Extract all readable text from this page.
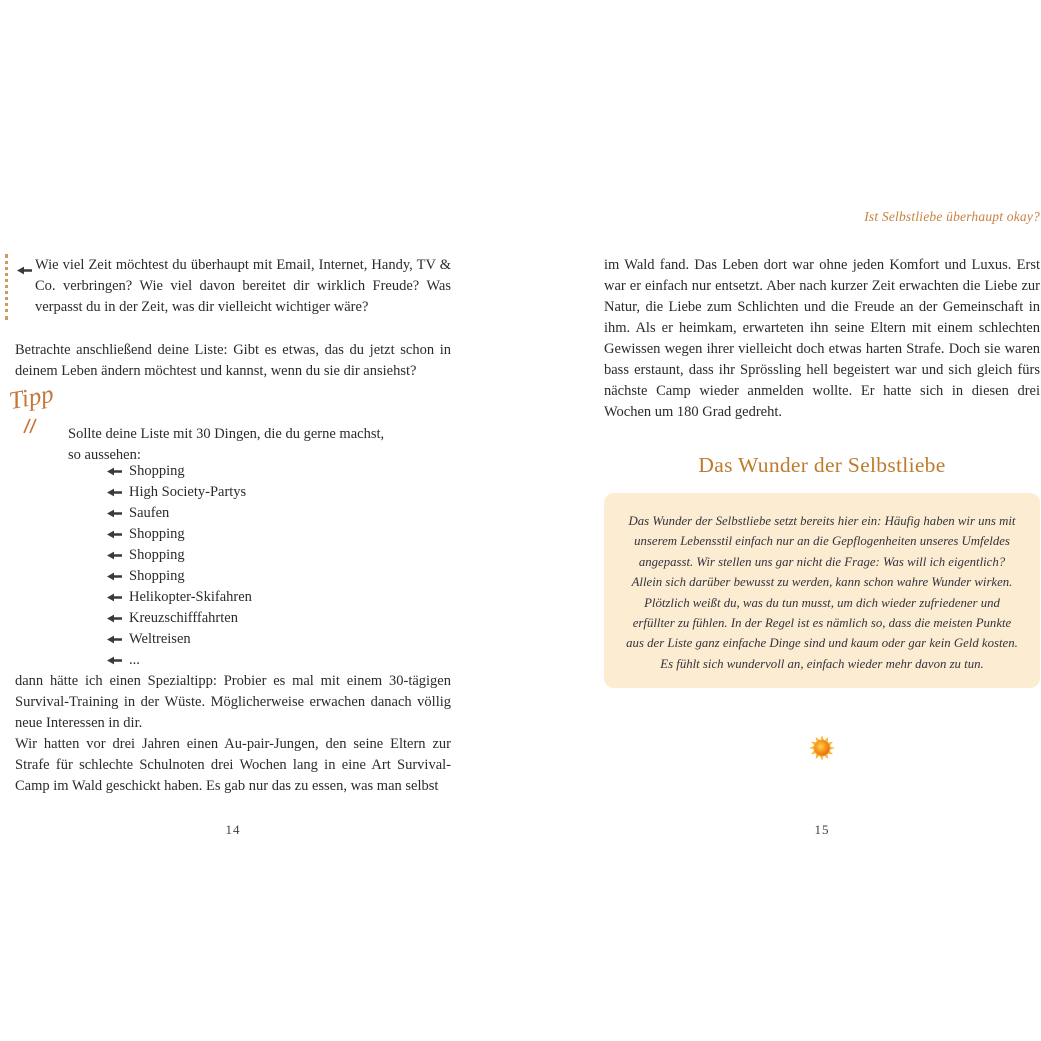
Ist Selbstliebe überhaupt okay?
Wie viel Zeit möchtest du überhaupt mit Email, Internet, Handy, TV & Co. verbringen? Wie viel davon bereitet dir wirklich Freude? Was verpasst du in der Zeit, was dir vielleicht wichtiger wäre?
Betrachte anschließend deine Liste: Gibt es etwas, das du jetzt schon in deinem Leben ändern möchtest und kannst, wenn du sie dir ansiehst?
Tipp
Sollte deine Liste mit 30 Dingen, die du gerne machst,
so aussehen:
Shopping
High Society-Partys
Saufen
Shopping
Shopping
Shopping
Helikopter-Skifahren
Kreuzschifffahrten
Weltreisen
...

dann hätte ich einen Spezialtipp: Probier es mal mit einem 30-tägigen Survival-Training in der Wüste. Möglicherweise erwachen danach völlig neue Interessen in dir.

Wir hatten vor drei Jahren einen Au-pair-Jungen, den seine Eltern zur Strafe für schlechte Schulnoten drei Wochen lang in eine Art Survival-Camp im Wald geschickt haben. Es gab nur das zu essen, was man selbst

14
im Wald fand. Das Leben dort war ohne jeden Komfort und Luxus. Erst war er einfach nur entsetzt. Aber nach kurzer Zeit erwachten die Liebe zur Natur, die Liebe zum Schlichten und die Freude an der Gemeinschaft in ihm. Als er heimkam, erwarteten ihn seine Eltern mit einem schlechten Gewissen wegen ihrer vielleicht doch etwas harten Strafe. Doch sie waren bass erstaunt, dass ihr Sprössling hell begeistert war und sich gleich fürs nächste Camp wieder anmelden wollte. Er hatte sich in diesen drei Wochen um 180 Grad gedreht.
Das Wunder der Selbstliebe
Das Wunder der Selbstliebe setzt bereits hier ein: Häufig haben wir uns mit unserem Lebensstil einfach nur an die Gepflogenheiten unseres Umfeldes angepasst. Wir stellen uns gar nicht die Frage: Was will ich eigentlich? Allein sich darüber bewusst zu werden, kann schon wahre Wunder wirken. Plötzlich weißt du, was du tun musst, um dich wieder zufriedener und erfüllter zu fühlen. In der Regel ist es nämlich so, dass die meisten Punkte aus der Liste ganz einfache Dinge sind und kaum oder gar kein Geld kosten. Es fühlt sich wundervoll an, einfach wieder mehr davon zu tun.
15
